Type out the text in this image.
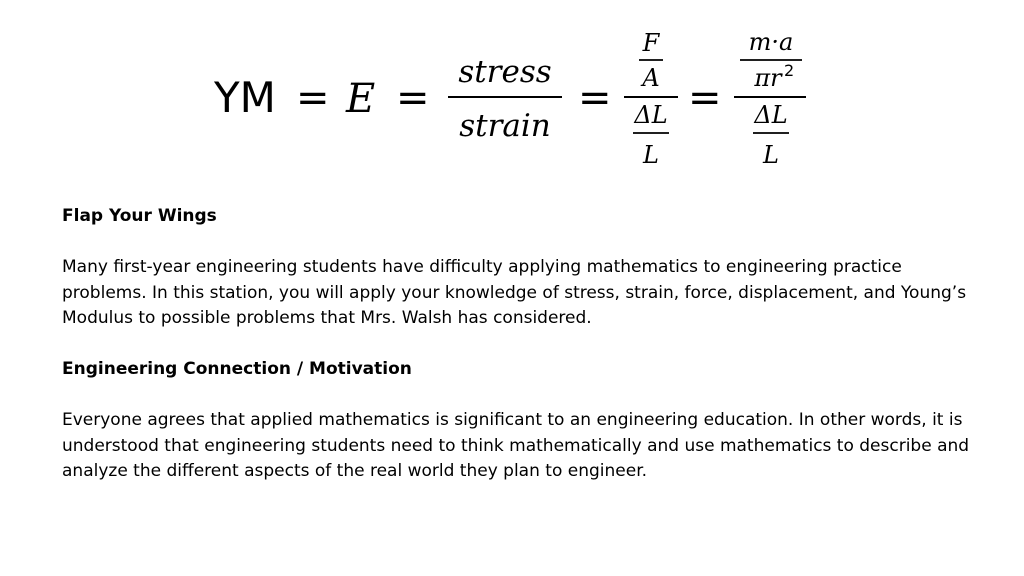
YM = E =
stress
strain
=
F
A
ΔL
L
=
m·a
πr 2
ΔL
L
Flap Your Wings

Many first-year engineering students have difficulty applying mathematics to engineering practice problems. In this station, you will apply your knowledge of stress, strain, force, displacement, and Young’s Modulus to possible problems that Mrs. Walsh has considered.

Engineering Connection / Motivation

Everyone agrees that applied mathematics is significant to an engineering education. In other words, it is understood that engineering students need to think mathematically and use mathematics to describe and analyze the different aspects of the real world they plan to engineer.
